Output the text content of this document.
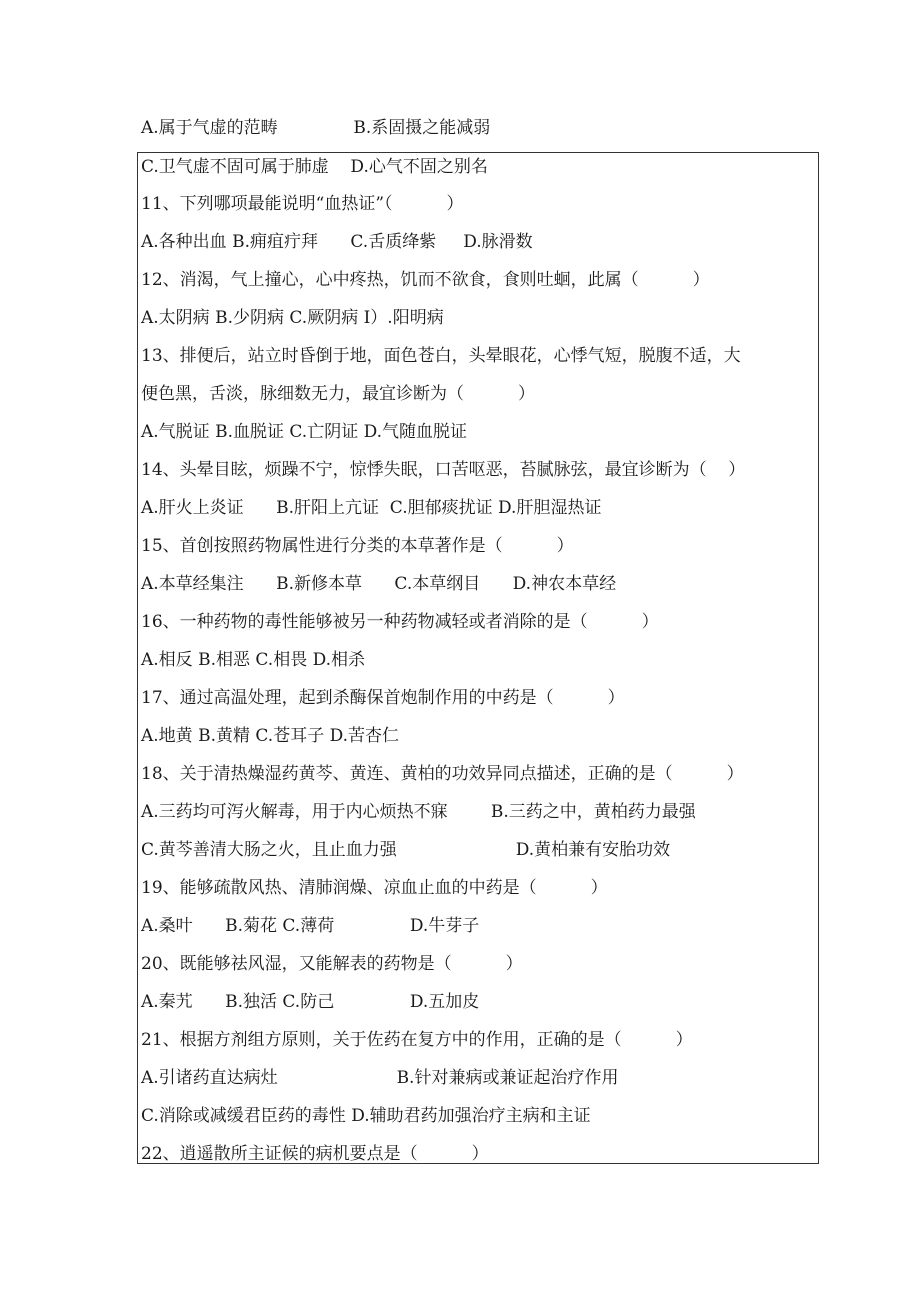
A.属于气虚的范畴              B.系固摄之能减弱
C.卫气虚不固可属于肺虚    D.心气不固之别名
11、下列哪项最能说明“血热证”（          ）
A.各种出血 B.痈疽疔拜      C.舌质绛紫     D.脉滑数
12、消渴，气上撞心，心中疼热，饥而不欲食，食则吐蛔，此属（          ）
A.太阴病 B.少阴病 C.厥阴病 I）.阳明病
13、排便后，站立时昏倒于地，面色苍白，头晕眼花，心悸气短，脱腹不适，大
便色黑，舌淡，脉细数无力，最宜诊断为（          ）
A.气脱证 B.血脱证 C.亡阴证 D.气随血脱证
14、头晕目眩，烦躁不宁，惊悸失眠，口苦呕恶，苔腻脉弦，最宜诊断为（    ）
A.肝火上炎证      B.肝阳上亢证  C.胆郁痰扰证 D.肝胆湿热证
15、首创按照药物属性进行分类的本草著作是（          ）
A.本草经集注      B.新修本草      C.本草纲目      D.神农本草经
16、一种药物的毒性能够被另一种药物减轻或者消除的是（          ）
A.相反 B.相恶 C.相畏 D.相杀
17、通过高温处理，起到杀酶保首炮制作用的中药是（          ）
A.地黄 B.黄精 C.苍耳子 D.苦杏仁
18、关于清热燥湿药黄芩、黄连、黄柏的功效异同点描述，正确的是（          ）
A.三药均可泻火解毒，用于内心烦热不寐        B.三药之中，黄柏药力最强
C.黄芩善清大肠之火，且止血力强                      D.黄柏兼有安胎功效
19、能够疏散风热、清肺润燥、凉血止血的中药是（          ）
A.桑叶      B.菊花 C.薄荷              D.牛芽子
20、既能够祛风湿，又能解表的药物是（          ）
A.秦艽      B.独活 C.防己              D.五加皮
21、根据方剂组方原则，关于佐药在复方中的作用，正确的是（          ）
A.引诸药直达病灶                      B.针对兼病或兼证起治疗作用
C.消除或减缓君臣药的毒性 D.辅助君药加强治疗主病和主证
22、逍遥散所主证候的病机要点是（          ）
